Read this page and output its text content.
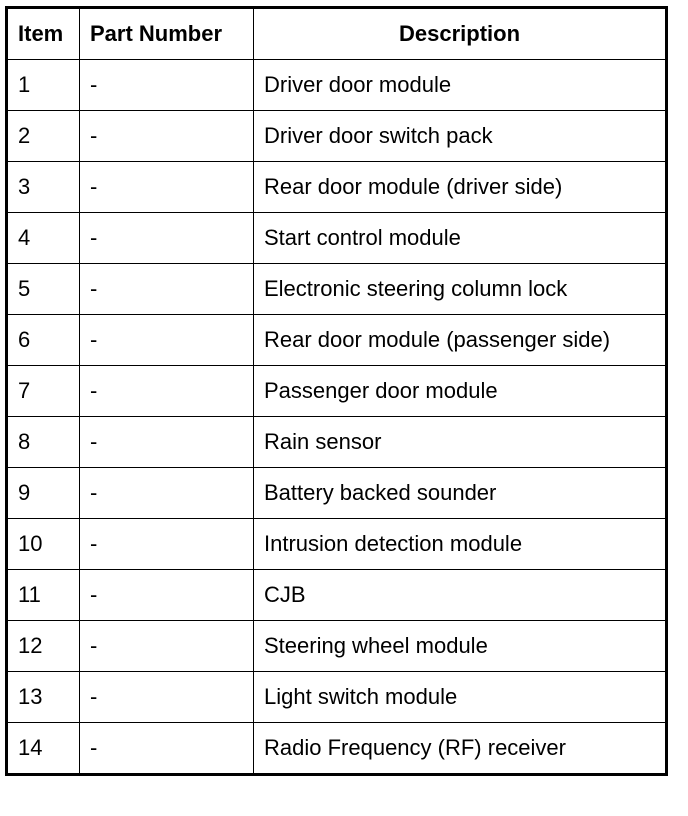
Item	Part Number	Description
1	-	Driver door module
2	-	Driver door switch pack
3	-	Rear door module (driver side)
4	-	Start control module
5	-	Electronic steering column lock
6	-	Rear door module (passenger side)
7	-	Passenger door module
8	-	Rain sensor
9	-	Battery backed sounder
10	-	Intrusion detection module
11	-	CJB
12	-	Steering wheel module
13	-	Light switch module
14	-	Radio Frequency (RF) receiver
